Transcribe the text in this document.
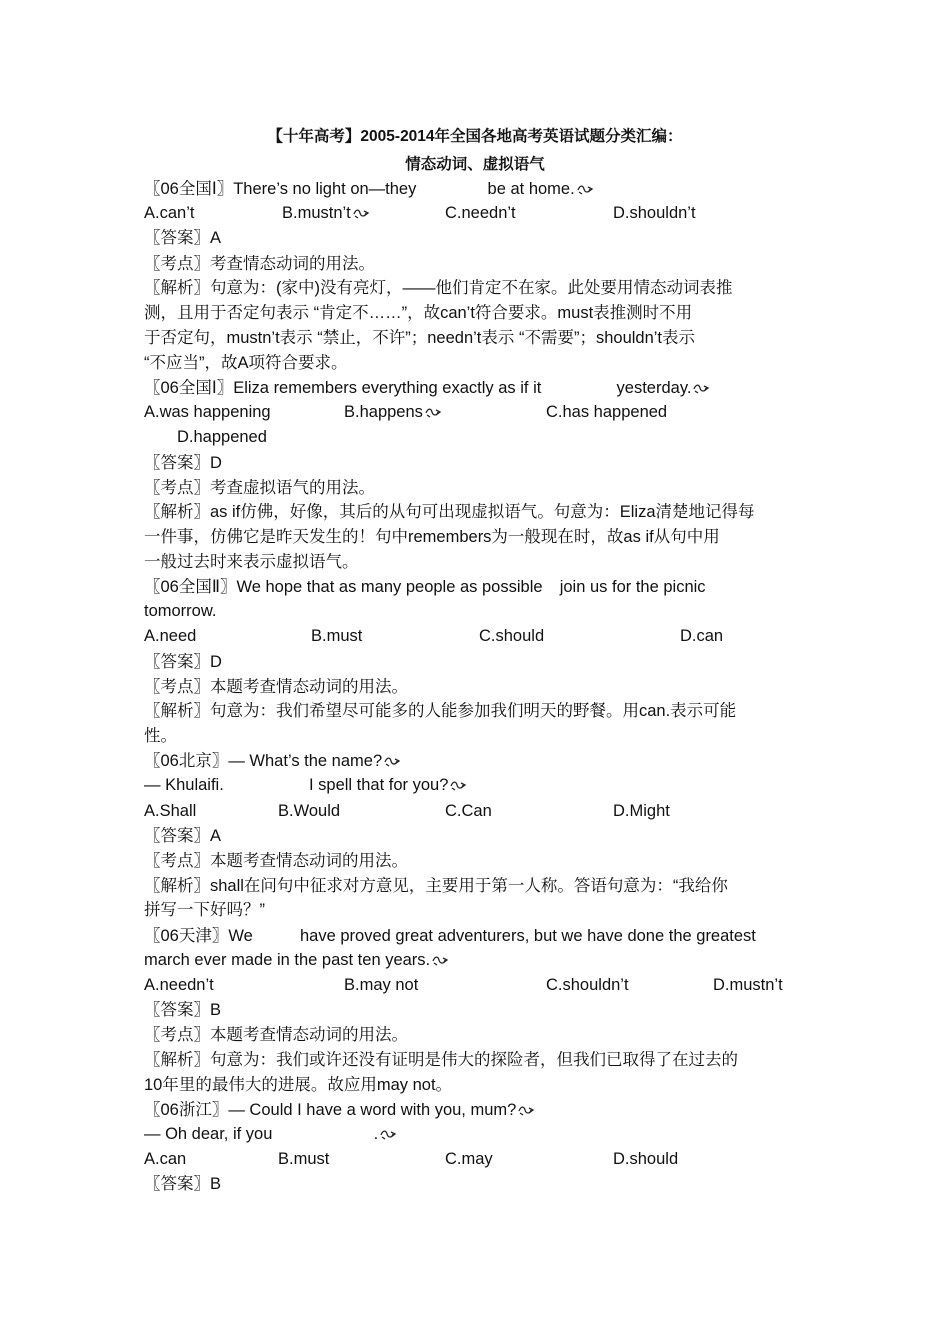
【十年高考】2005-2014年全国各地高考英语试题分类汇编：
情态动词、虚拟语气
〖06全国Ⅰ〗There’s no light on—they	be at home.
A.can’t	B.mustn’t	C.needn’t	D.shouldn’t
〖答案〗A
〖考点〗考查情态动词的用法。
〖解析〗句意为：(家中)没有亮灯，——他们肯定不在家。此处要用情态动词表推
测，且用于否定句表示 “肯定不……”，故can’t符合要求。must表推测时不用
于否定句，mustn’t表示 “禁止，不许”；needn’t表示 “不需要”；shouldn’t表示
“不应当”，故A项符合要求。
〖06全国Ⅰ〗Eliza remembers everything exactly as if it	yesterday.
A.was happening	B.happens	C.has happened
D.happened
〖答案〗D
〖考点〗考查虚拟语气的用法。
〖解析〗as if仿佛，好像，其后的从句可出现虚拟语气。句意为：Eliza清楚地记得每
一件事，仿佛它是昨天发生的！句中remembers为一般现在时，故as if从句中用
一般过去时来表示虚拟语气。
〖06全国Ⅱ〗We hope that as many people as possible join us for the picnic
tomorrow.
A.need	B.must	C.should	D.can
〖答案〗D
〖考点〗本题考查情态动词的用法。
〖解析〗句意为：我们希望尽可能多的人能参加我们明天的野餐。用can.表示可能
性。
〖06北京〗— What’s the name?
— Khulaifi.	I spell that for you?
A.Shall	B.Would	C.Can	D.Might
〖答案〗A
〖考点〗本题考查情态动词的用法。
〖解析〗shall在问句中征求对方意见，主要用于第一人称。答语句意为：“我给你
拼写一下好吗？”
〖06天津〗We	have proved great adventurers, but we have done the greatest
march ever made in the past ten years.
A.needn’t	B.may not	C.shouldn’t	D.mustn’t
〖答案〗B
〖考点〗本题考查情态动词的用法。
〖解析〗句意为：我们或许还没有证明是伟大的探险者，但我们已取得了在过去的
10年里的最伟大的进展。故应用may not。
〖06浙江〗— Could I have a word with you, mum?
— Oh dear, if you	.
A.can	B.must	C.may	D.should
〖答案〗B
